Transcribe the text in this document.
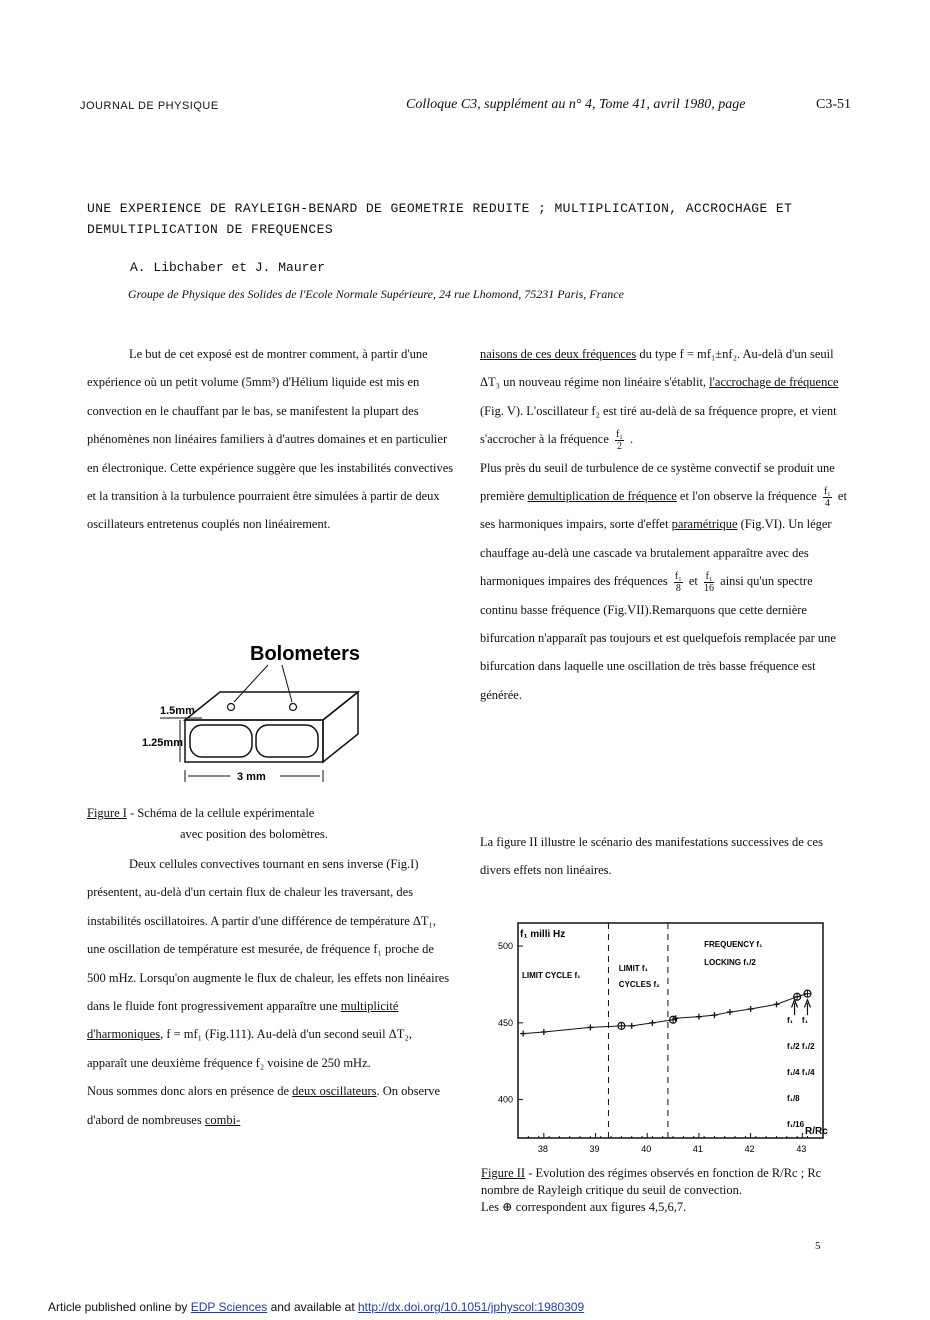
JOURNAL DE PHYSIQUE	Colloque C3, supplément au n° 4, Tome 41, avril 1980, page	C3-51
UNE EXPERIENCE DE RAYLEIGH-BENARD DE GEOMETRIE REDUITE ; MULTIPLICATION, ACCROCHAGE ET DEMULTIPLICATION DE FREQUENCES
A. Libchaber et J. Maurer
Groupe de Physique des Solides de l'Ecole Normale Supérieure, 24 rue Lhomond, 75231 Paris, France

Le but de cet exposé est de montrer comment, à partir d'une expérience où un petit volume (5mm³) d'Hélium liquide est mis en convection en le chauffant par le bas, se manifestent la plupart des phénomènes non linéaires familiers à d'autres domaines et en particulier en électronique. Cette expérience suggère que les instabilités convectives et la transition à la turbulence pourraient être simulées à partir de deux oscillateurs entretenus couplés non linéairement.

Bolometers
1.5mm
1.25mm
3 mm
Figure I - Schéma de la cellule expérimentale
avec position des bolomètres.

Deux cellules convectives tournant en sens inverse (Fig.I) présentent, au-delà d'un certain flux de chaleur les traversant, des instabilités oscillatoires. A partir d'une différence de température ΔT₁, une oscillation de température est mesurée, de fréquence f₁ proche de 500 mHz. Lorsqu'on augmente le flux de chaleur, les effets non linéaires dans le fluide font progressivement apparaître une multiplicité d'harmoniques, f = mf₁ (Fig.111). Au-delà d'un second seuil ΔT₂, apparaît une deuxième fréquence f₂ voisine de 250 mHz.

Nous sommes donc alors en présence de deux oscillateurs. On observe d'abord de nombreuses combi-

naisons de ces deux fréquences du type f = mf₁±nf₂. Au-delà d'un seuil ΔT₃ un nouveau régime non linéaire s'établit, l'accrochage de fréquence (Fig. V). L'oscillateur f₂ est tiré au-delà de sa fréquence propre, et vient s'accrocher à la fréquence $\frac{\text{f₁}}{2}$ .

Plus près du seuil de turbulence de ce système convectif se produit une première demultiplication de fréquence et l'on observe la fréquence $\frac{\text{f₁}}{4}$ et ses harmoniques impairs, sorte d'effet paramétrique (Fig.VI). Un léger chauffage au-delà une cascade va brutalement apparaître avec des harmoniques impaires des fréquences $\frac{\text{f₁}}{8}$ et $\frac{\text{f₁}}{16}$ ainsi qu'un spectre continu basse fréquence (Fig.VII).Remarquons que cette dernière bifurcation n'apparaît pas toujours et est quelquefois remplacée par une bifurcation dans laquelle une oscillation de très basse fréquence est générée.

La figure II illustre le scénario des manifestations successives de ces divers effets non linéaires.

38	39	40	41	42	43
500
450
400
f₁ milli Hz
LIMIT CYCLE f₁
LIMIT f₁
CYCLES f₂
FREQUENCY f₁
LOCKING f₁/2
f₁
f₁/2
f₁/4
f₁/8
f₁/16
f₁
f₁/2
f₁/4
R/Rc
Figure II - Evolution des régimes observés en fonction de R/Rc ; Rc nombre de Rayleigh critique du seuil de convection.
Les ⊕ correspondent aux figures 4,5,6,7.
5
Article published online by EDP Sciences and available at http://dx.doi.org/10.1051/jphyscol:1980309
